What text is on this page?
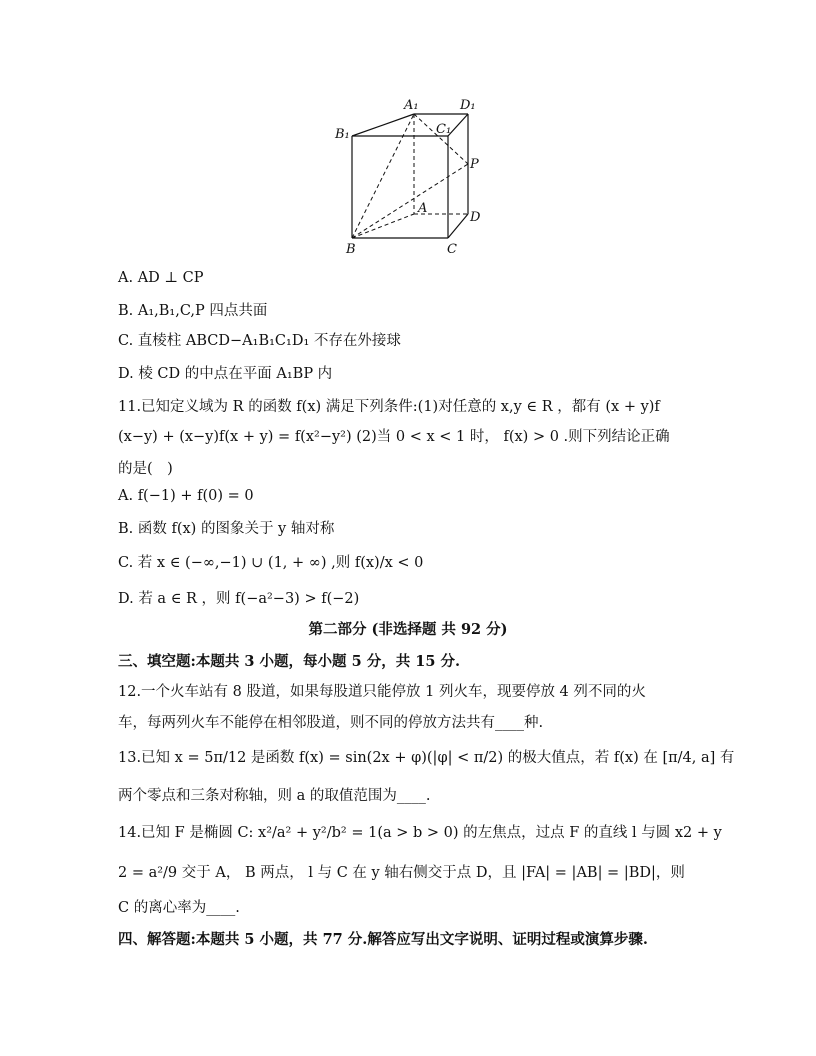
A₁	D₁
B₁	C₁
P
A
D
B	C
A. AD ⊥ CP
B. A₁,B₁,C,P 四点共面
C. 直棱柱 ABCD−A₁B₁C₁D₁ 不存在外接球
D. 棱 CD 的中点在平面 A₁BP 内
11.已知定义域为 R 的函数 f(x) 满足下列条件:(1)对任意的 x,y ∈ R ，都有 (x + y)f
(x−y) + (x−y)f(x + y) = f(x²−y²) (2)当 0 < x < 1 时， f(x) > 0 .则下列结论正确
的是(　)
A. f(−1) + f(0) = 0
B. 函数 f(x) 的图象关于 y 轴对称
C. 若 x ∈ (−∞,−1) ∪ (1, + ∞) ,则 f(x)/x < 0
D. 若 a ∈ R ，则 f(−a²−3) > f(−2)
第二部分 (非选择题 共 92 分)
三、填空题:本题共 3 小题，每小题 5 分，共 15 分.
12.一个火车站有 8 股道，如果每股道只能停放 1 列火车，现要停放 4 列不同的火
车，每两列火车不能停在相邻股道，则不同的停放方法共有____种.
13.已知 x = 5π/12 是函数 f(x) = sin(2x + φ)(|φ| < π/2) 的极大值点，若 f(x) 在 [π/4, a] 有
两个零点和三条对称轴，则 a 的取值范围为____.
14.已知 F 是椭圆 C: x²/a² + y²/b² = 1(a > b > 0) 的左焦点，过点 F 的直线 l 与圆 x2 + y
2 = a²/9 交于 A， B 两点， l 与 C 在 y 轴右侧交于点 D，且 |FA| = |AB| = |BD|，则
C 的离心率为____.
四、解答题:本题共 5 小题，共 77 分.解答应写出文字说明、证明过程或演算步骤.
